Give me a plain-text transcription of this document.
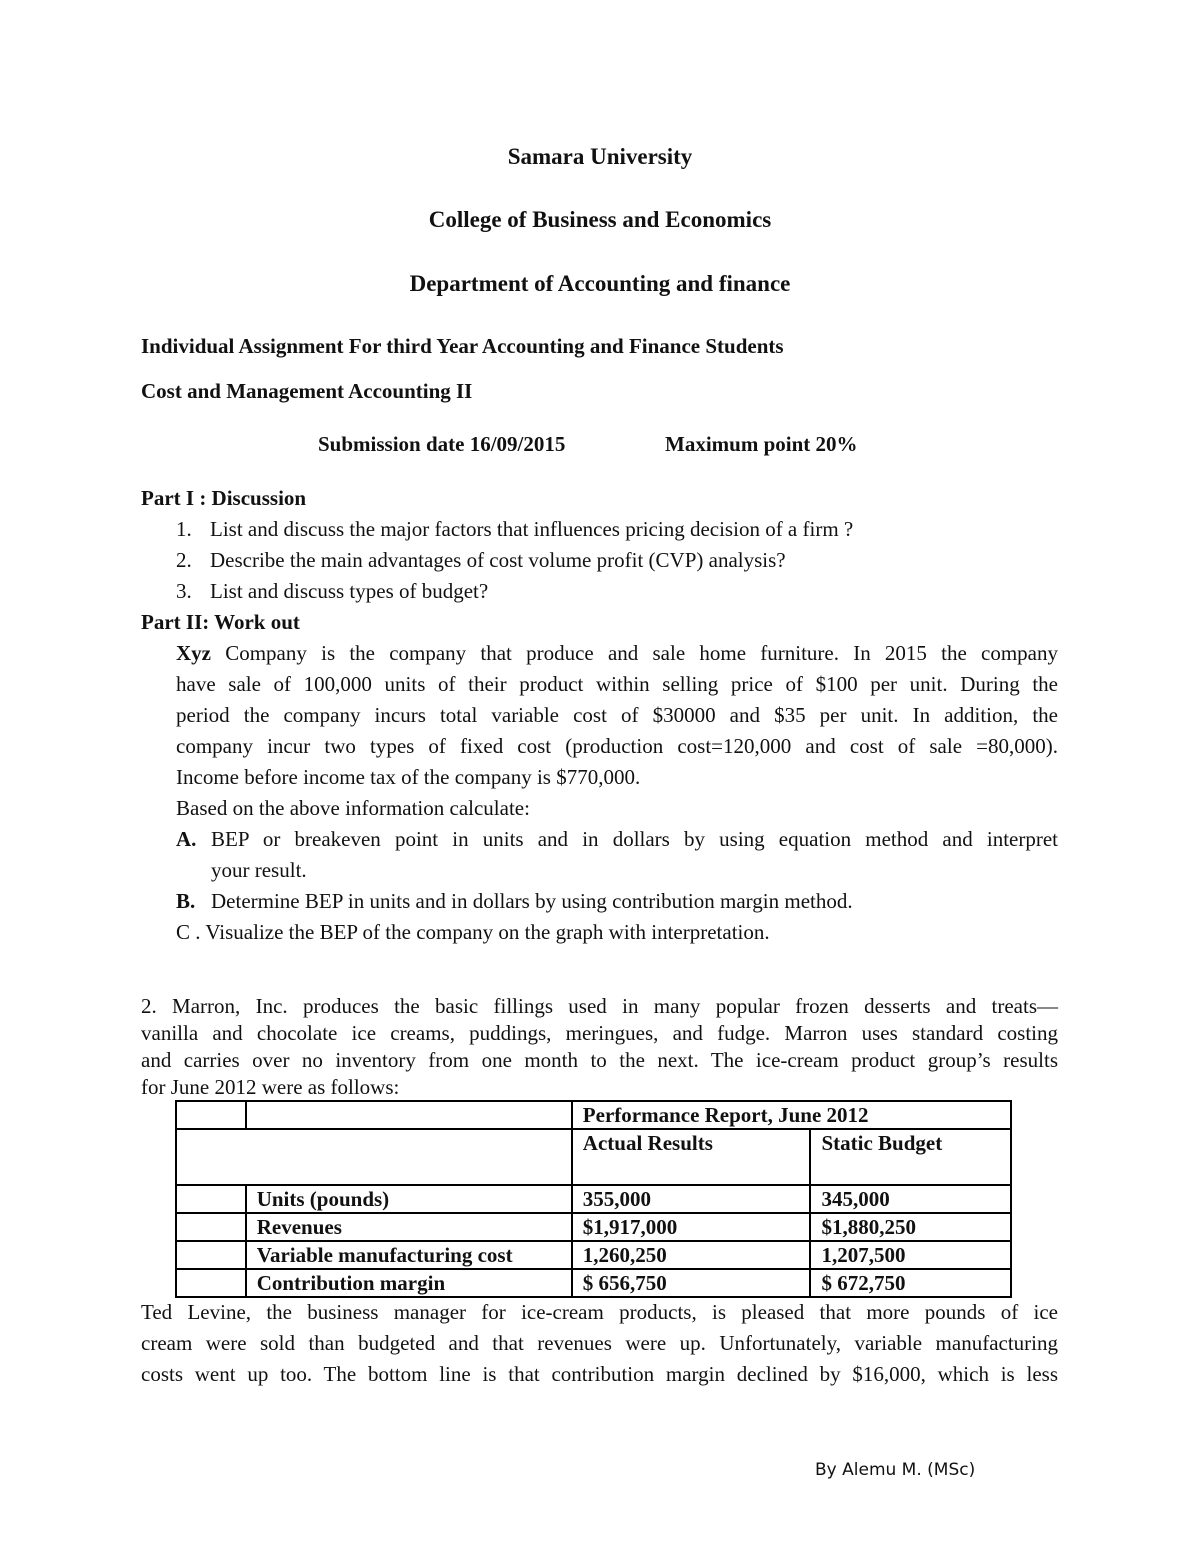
Samara University
College of Business and Economics
Department of Accounting and finance
Individual Assignment For third Year Accounting and Finance Students
Cost and Management Accounting II
Submission date 16/09/2015	Maximum point 20%
Part I : Discussion
1. List and discuss the major factors that influences pricing decision of a firm ?
2. Describe the main advantages of cost volume profit (CVP) analysis?
3. List and discuss types of budget?
Part II: Work out
Xyz Company is the company that produce and sale home furniture. In 2015 the company
have sale of 100,000 units of their product within selling price of $100 per unit. During the
period the company incurs total variable cost of $30000 and $35 per unit. In addition, the
company incur two types of fixed cost (production cost=120,000 and cost of sale =80,000).
Income before income tax of the company is $770,000.
Based on the above information calculate:
A. BEP or breakeven point in units and in dollars by using equation method and interpret
your result.
B. Determine BEP in units and in dollars by using contribution margin method.
C . Visualize the BEP of the company on the graph with interpretation.
2. Marron, Inc. produces the basic fillings used in many popular frozen desserts and treats—
vanilla and chocolate ice creams, puddings, meringues, and fudge. Marron uses standard costing
and carries over no inventory from one month to the next. The ice-cream product group’s results
for June 2012 were as follows:
		Performance Report, June 2012	
		Actual Results	Static Budget
	Units (pounds)	355,000	345,000
	Revenues	$1,917,000	$1,880,250
	Variable manufacturing cost	1,260,250	1,207,500
	Contribution margin	$ 656,750	$ 672,750
Ted Levine, the business manager for ice-cream products, is pleased that more pounds of ice
cream were sold than budgeted and that revenues were up. Unfortunately, variable manufacturing
costs went up too. The bottom line is that contribution margin declined by $16,000, which is less
By Alemu M. (MSc)
